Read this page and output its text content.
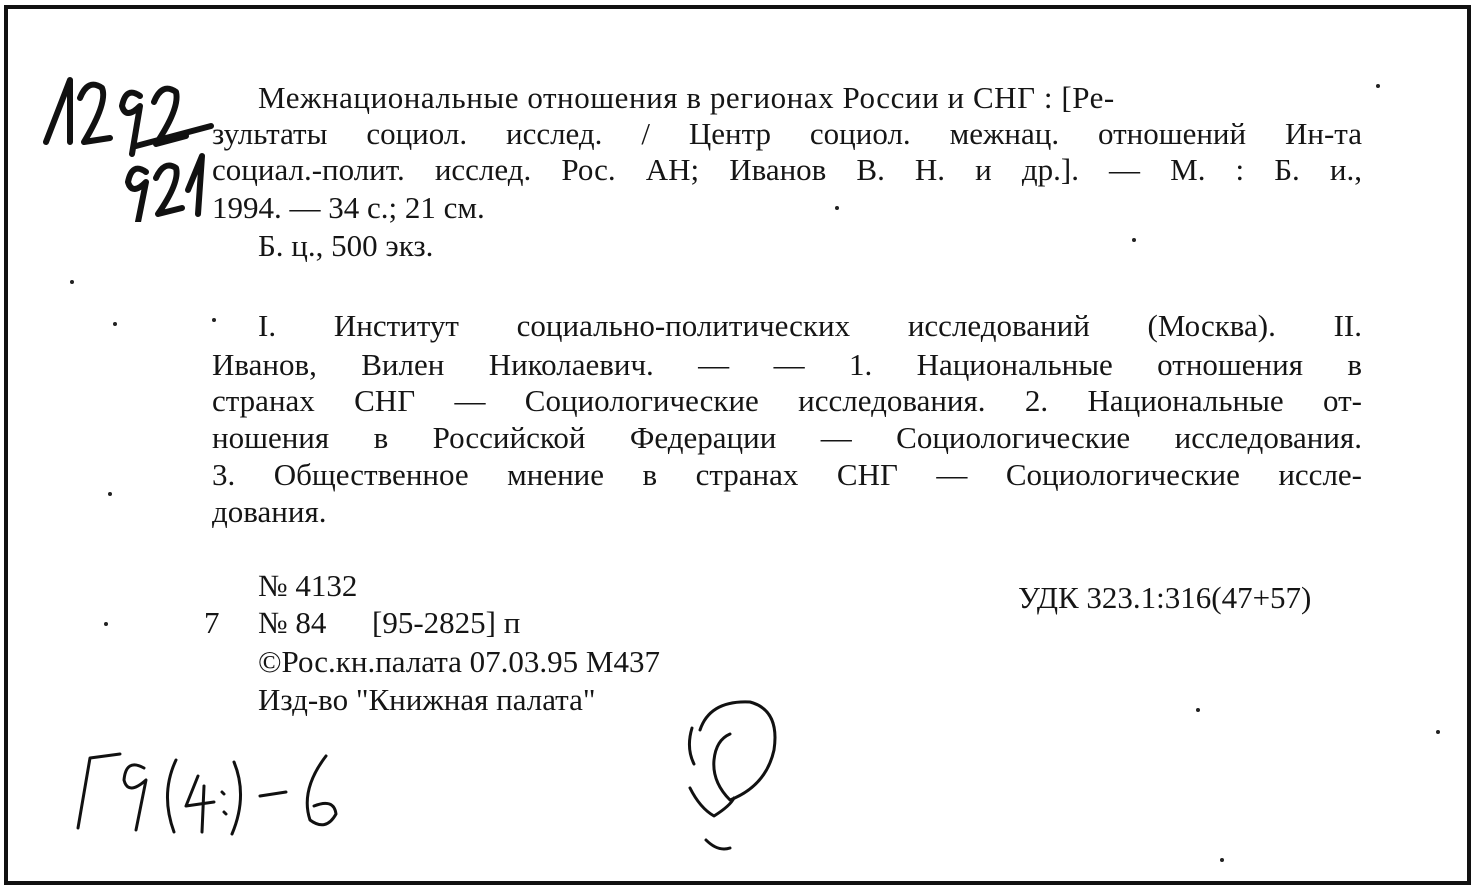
Межнациональные отношения в регионах России и СНГ : [Ре-
зультаты социол. исслед. / Центр социол. межнац. отношений Ин-та
социал.-полит. исслед. Рос. АН; Иванов В. Н. и др.]. — М. : Б. и.,
1994. — 34 с.; 21 см.
Б. ц., 500 экз.
I. Институт социально-политических исследований (Москва). II.
Иванов, Вилен Николаевич. — — 1. Национальные отношения в
странах СНГ — Социологические исследования. 2. Национальные от-
ношения в Российской Федерации — Социологические исследования.
3. Общественное мнение в странах СНГ — Социологические иссле-
дования.
№ 4132
7 № 84 [95-2825] п
©Рос.кн.палата 07.03.95 М437
Изд-во "Книжная палата"
УДК 323.1:316(47+57)
